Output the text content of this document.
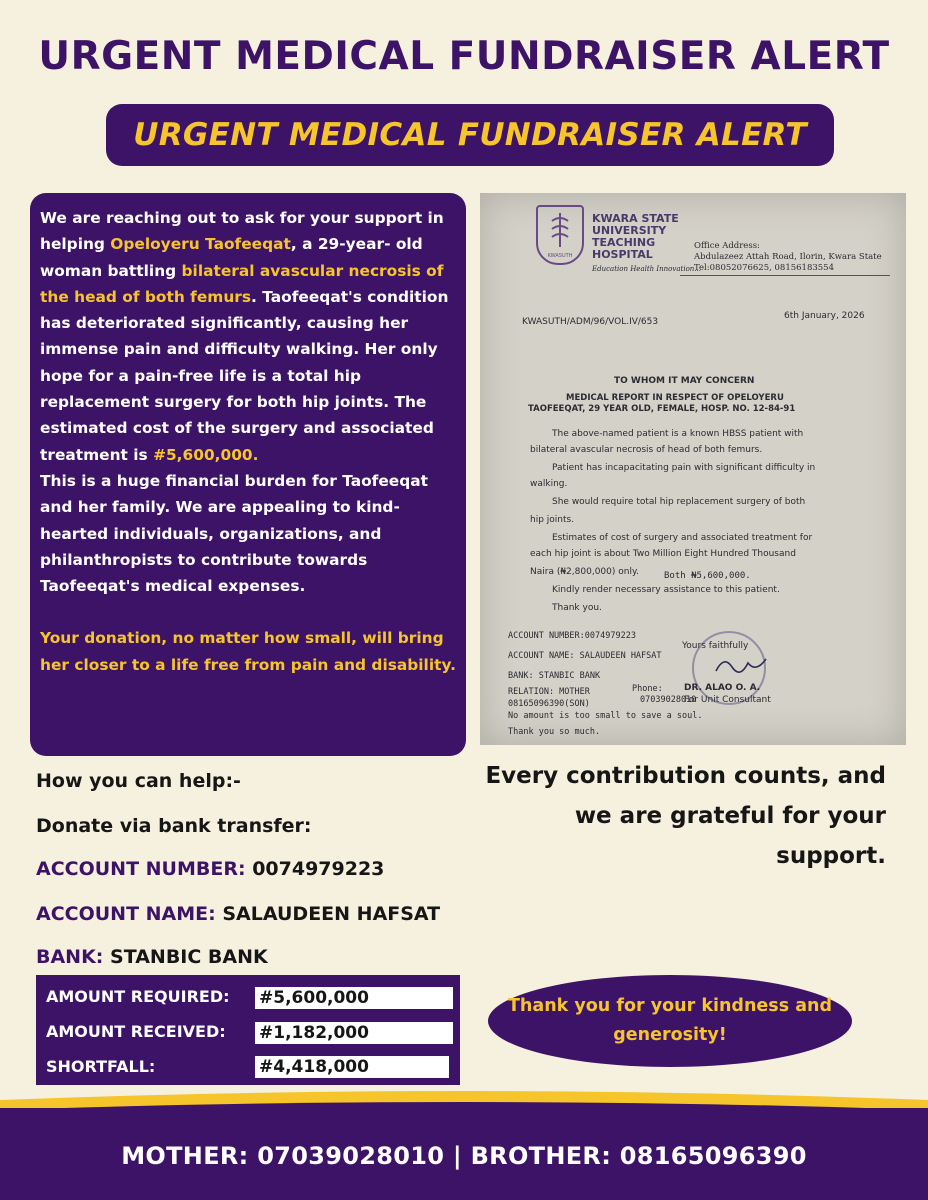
URGENT MEDICAL FUNDRAISER ALERT
URGENT MEDICAL FUNDRAISER ALERT

We are reaching out to ask for your support in helping Opeloyeru Taofeeqat, a 29-year- old woman battling bilateral avascular necrosis of the head of both femurs. Taofeeqat's condition has deteriorated significantly, causing her immense pain and difficulty walking. Her only hope for a pain-free life is a total hip replacement surgery for both hip joints. The estimated cost of the surgery and associated treatment is #5,600,000.

This is a huge financial burden for Taofeeqat and her family. We are appealing to kind-hearted individuals, organizations, and philanthropists to contribute towards Taofeeqat's medical expenses.

Your donation, no matter how small, will bring her closer to a life free from pain and disability.

KWASUTH
KWARA STATE
UNIVERSITY
TEACHING
HOSPITAL
Education Health Innovation...
Office Address:
Abdulazeez Attah Road, Ilorin, Kwara State
Tel:08052076625, 08156183554
KWASUTH/ADM/96/VOL.IV/653
6th January, 2026
TO WHOM IT MAY CONCERN
MEDICAL REPORT IN RESPECT OF OPELOYERU
TAOFEEQAT, 29 YEAR OLD, FEMALE, HOSP. NO. 12-84-91
The above-named patient is a known HBSS patient with
bilateral avascular necrosis of head of both femurs.
Patient has incapacitating pain with significant difficulty in
walking.
She would require total hip replacement surgery of both
hip joints.
Estimates of cost of surgery and associated treatment for
each hip joint is about Two Million Eight Hundred Thousand
Naira (₦2,800,000) only.	Both ₦5,600,000.
Kindly render necessary assistance to this patient.
Thank you.
ACCOUNT NUMBER:0074979223
ACCOUNT NAME: SALAUDEEN HAFSAT
BANK: STANBIC BANK
RELATION: MOTHER	Phone:
07039028010
08165096390(SON)
No amount is too small to save a soul.
Thank you so much.
Yours faithfully
DR. ALAO O. A.
For Unit Consultant
How you can help:-
Donate via bank transfer:
ACCOUNT NUMBER: 0074979223
ACCOUNT NAME: SALAUDEEN HAFSAT
BANK: STANBIC BANK
Every contribution counts, and we are grateful for your support.
AMOUNT REQUIRED: #5,600,000
AMOUNT RECEIVED: #1,182,000
SHORTFALL:	#4,418,000
Thank you for your kindness and generosity!
MOTHER: 07039028010 | BROTHER: 08165096390
